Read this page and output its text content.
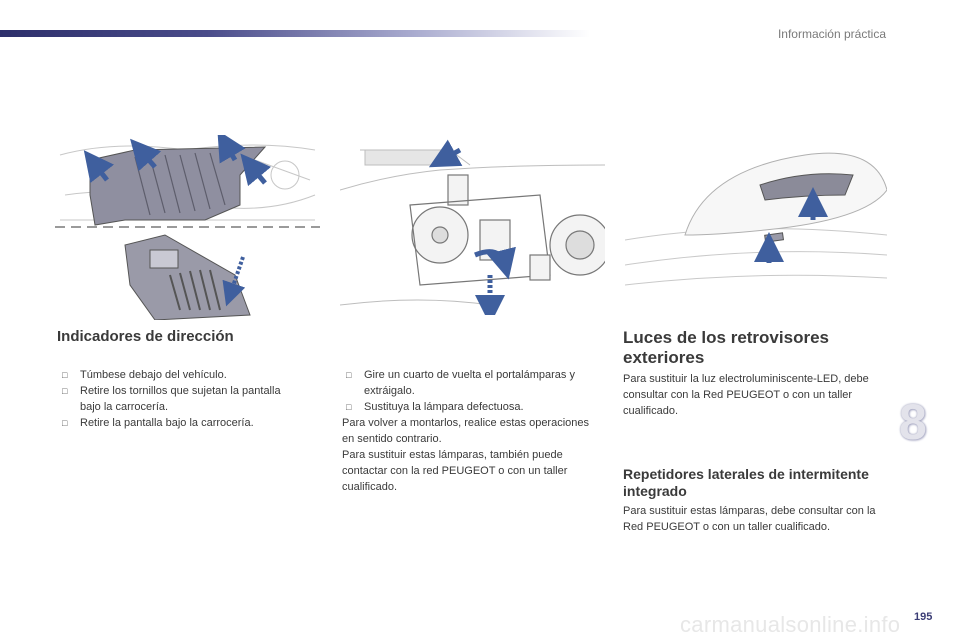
Información práctica
Indicadores de dirección
□ Túmbese debajo del vehículo.
□ Retire los tornillos que sujetan la pantalla bajo la carrocería.
□ Retire la pantalla bajo la carrocería.
□ Gire un cuarto de vuelta el portalámparas y extráigalo.
□ Sustituya la lámpara defectuosa.

Para volver a montarlos, realice estas operaciones en sentido contrario.
Para sustituir estas lámparas, también puede contactar con la red PEUGEOT o con un taller cualificado.

Luces de los retrovisores exteriores

Para sustituir la luz electroluminiscente-LED, debe consultar con la Red PEUGEOT o con un taller cualificado.

Repetidores laterales de intermitente integrado

Para sustituir estas lámparas, debe consultar con la Red PEUGEOT o con un taller cualificado.

8
195
carmanualsonline.info
